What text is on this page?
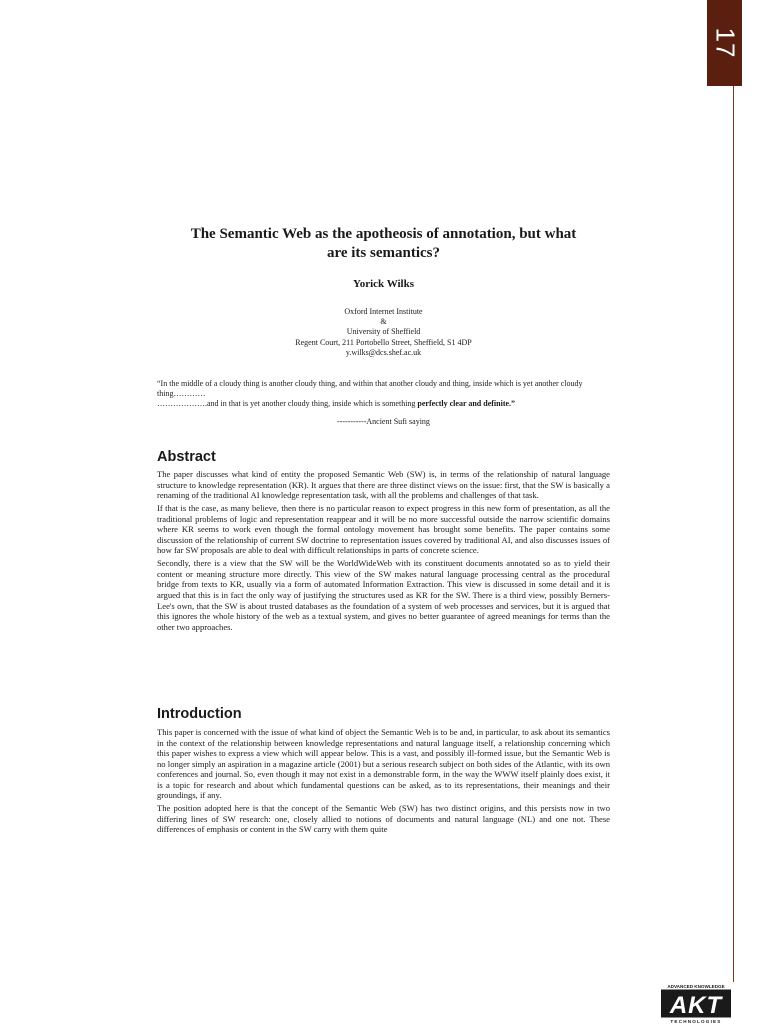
17
The Semantic Web as the apotheosis of annotation, but what
are its semantics?
Yorick Wilks
Oxford Internet Institute
&
University of Sheffield
Regent Court, 211 Portobello Street, Sheffield, S1 4DP
y.wilks@dcs.shef.ac.uk

“In the middle of a cloudy thing is another cloudy thing, and within that another cloudy and thing, inside which is yet another cloudy thing…………

……………….and in that is yet another cloudy thing, inside which is something perfectly clear and definite.”

-----------Ancient Sufi saying

Abstract

The paper discusses what kind of entity the proposed Semantic Web (SW) is, in terms of the relationship of natural language structure to knowledge representation (KR). It argues that there are three distinct views on the issue: first, that the SW is basically a renaming of the traditional AI knowledge representation task, with all the problems and challenges of that task.

If that is the case, as many believe, then there is no particular reason to expect progress in this new form of presentation, as all the traditional problems of logic and representation reappear and it will be no more successful outside the narrow scientific domains where KR seems to work even though the formal ontology movement has brought some benefits. The paper contains some discussion of the relationship of current SW doctrine to representation issues covered by traditional AI, and also discusses issues of how far SW proposals are able to deal with difficult relationships in parts of concrete science.

Secondly, there is a view that the SW will be the WorldWideWeb with its constituent documents annotated so as to yield their content or meaning structure more directly. This view of the SW makes natural language processing central as the procedural bridge from texts to KR, usually via a form of automated Information Extraction. This view is discussed in some detail and it is argued that this is in fact the only way of justifying the structures used as KR for the SW. There is a third view, possibly Berners-Lee's own, that the SW is about trusted databases as the foundation of a system of web processes and services, but it is argued that this ignores the whole history of the web as a textual system, and gives no better guarantee of agreed meanings for terms than the other two approaches.

Introduction

This paper is concerned with the issue of what kind of object the Semantic Web is to be and, in particular, to ask about its semantics in the context of the relationship between knowledge representations and natural language itself, a relationship concerning which this paper wishes to express a view which will appear below. This is a vast, and possibly ill-formed issue, but the Semantic Web is no longer simply an aspiration in a magazine article (2001) but a serious research subject on both sides of the Atlantic, with its own conferences and journal. So, even though it may not exist in a demonstrable form, in the way the WWW itself plainly does exist, it is a topic for research and about which fundamental questions can be asked, as to its representations, their meanings and their groundings, if any.

The position adopted here is that the concept of the Semantic Web (SW) has two distinct origins, and this persists now in two differing lines of SW research: one, closely allied to notions of documents and natural language (NL) and one not. These differences of emphasis or content in the SW carry with them quite

ADVANCED KNOWLEDGE
AKT
TECHNOLOGIES
